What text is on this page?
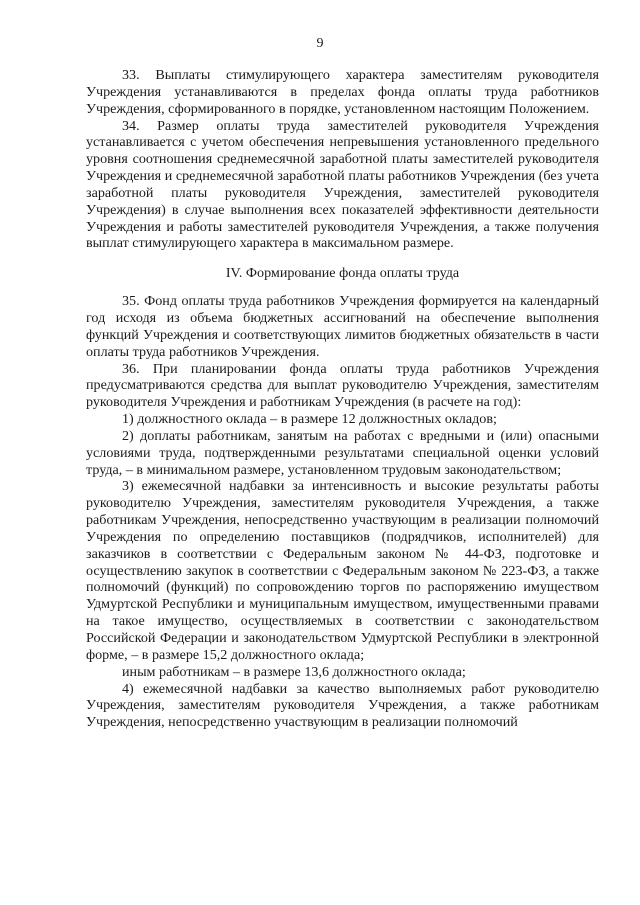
9

33. Выплаты стимулирующего характера заместителям руководителя Учреждения устанавливаются в пределах фонда оплаты труда работников Учреждения, сформированного в порядке, установленном настоящим Положением.

34. Размер оплаты труда заместителей руководителя Учреждения устанавливается с учетом обеспечения непревышения установленного предельного уровня соотношения среднемесячной заработной платы заместителей руководителя Учреждения и среднемесячной заработной платы работников Учреждения (без учета заработной платы руководителя Учреждения, заместителей руководителя Учреждения) в случае выполнения всех показателей эффективности деятельности Учреждения и работы заместителей руководителя Учреждения, а также получения выплат стимулирующего характера в максимальном размере.

IV. Формирование фонда оплаты труда

35. Фонд оплаты труда работников Учреждения формируется на календарный год исходя из объема бюджетных ассигнований на обеспечение выполнения функций Учреждения и соответствующих лимитов бюджетных обязательств в части оплаты труда работников Учреждения.

36. При планировании фонда оплаты труда работников Учреждения предусматриваются средства для выплат руководителю Учреждения, заместителям руководителя Учреждения и работникам Учреждения (в расчете на год):

1) должностного оклада – в размере 12 должностных окладов;

2) доплаты работникам, занятым на работах с вредными и (или) опасными условиями труда, подтвержденными результатами специальной оценки условий труда, – в минимальном размере, установленном трудовым законодательством;

3) ежемесячной надбавки за интенсивность и высокие результаты работы руководителю Учреждения, заместителям руководителя Учреждения, а также работникам Учреждения, непосредственно участвующим в реализации полномочий Учреждения по определению поставщиков (подрядчиков, исполнителей) для заказчиков в соответствии с Федеральным законом № 44-ФЗ, подготовке и осуществлению закупок в соответствии с Федеральным законом № 223-ФЗ, а также полномочий (функций) по сопровождению торгов по распоряжению имуществом Удмуртской Республики и муниципальным имуществом, имущественными правами на такое имущество, осуществляемых в соответствии с законодательством Российской Федерации и законодательством Удмуртской Республики в электронной форме, – в размере 15,2 должностного оклада;

иным работникам – в размере 13,6 должностного оклада;

4) ежемесячной надбавки за качество выполняемых работ руководителю Учреждения, заместителям руководителя Учреждения, а также работникам Учреждения, непосредственно участвующим в реализации полномочий
